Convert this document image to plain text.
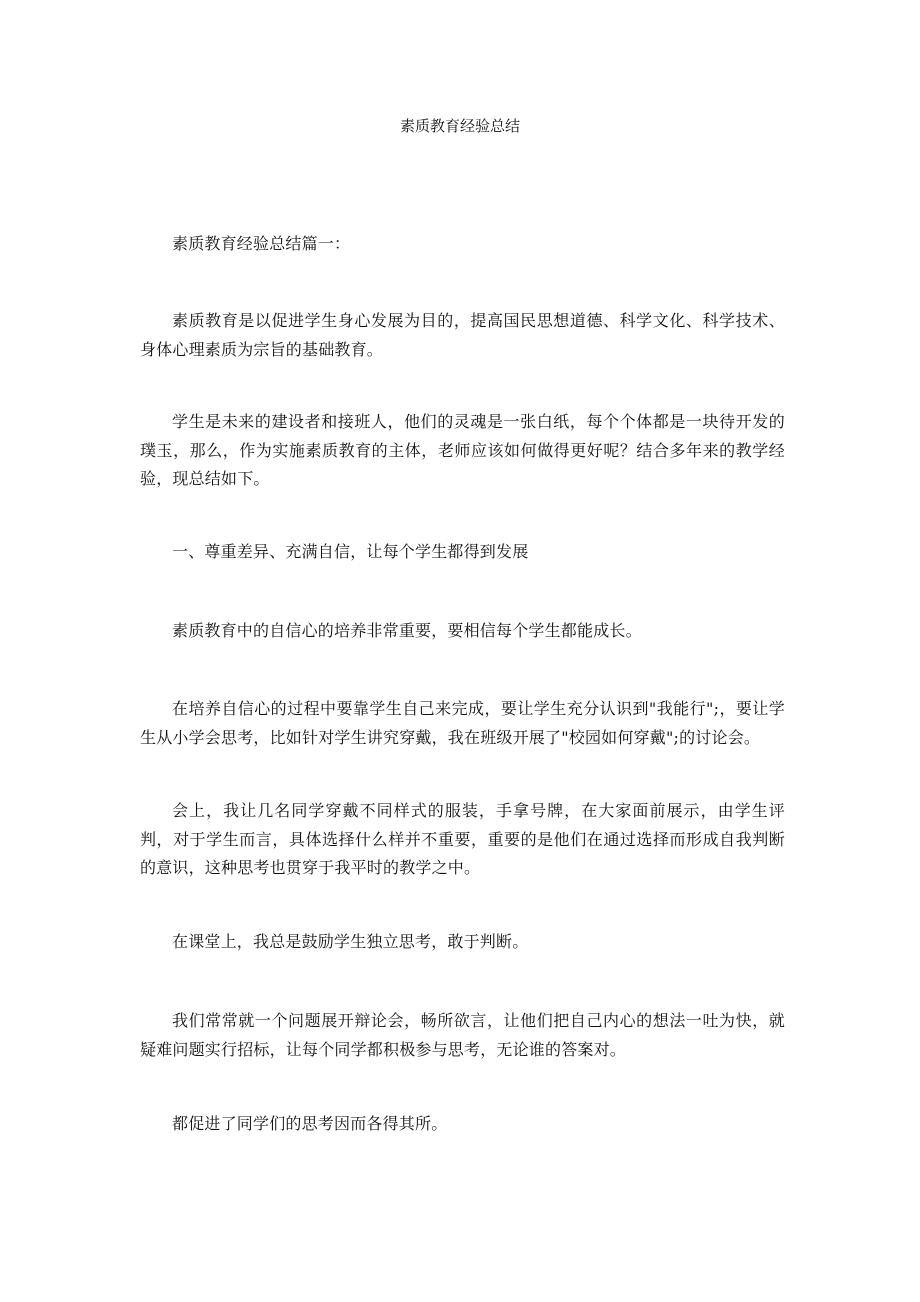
素质教育经验总结

素质教育经验总结篇一：

素质教育是以促进学生身心发展为目的，提高国民思想道德、科学文化、科学技术、身体心理素质为宗旨的基础教育。

学生是未来的建设者和接班人，他们的灵魂是一张白纸，每个个体都是一块待开发的璞玉，那么，作为实施素质教育的主体，老师应该如何做得更好呢？结合多年来的教学经验，现总结如下。

一、尊重差异、充满自信，让每个学生都得到发展

素质教育中的自信心的培养非常重要，要相信每个学生都能成长。

在培养自信心的过程中要靠学生自己来完成，要让学生充分认识到"我能行";，要让学生从小学会思考，比如针对学生讲究穿戴，我在班级开展了"校园如何穿戴";的讨论会。

会上，我让几名同学穿戴不同样式的服装，手拿号牌，在大家面前展示，由学生评判，对于学生而言，具体选择什么样并不重要，重要的是他们在通过选择而形成自我判断的意识，这种思考也贯穿于我平时的教学之中。

在课堂上，我总是鼓励学生独立思考，敢于判断。

我们常常就一个问题展开辩论会，畅所欲言，让他们把自己内心的想法一吐为快，就疑难问题实行招标，让每个同学都积极参与思考，无论谁的答案对。

都促进了同学们的思考因而各得其所。
